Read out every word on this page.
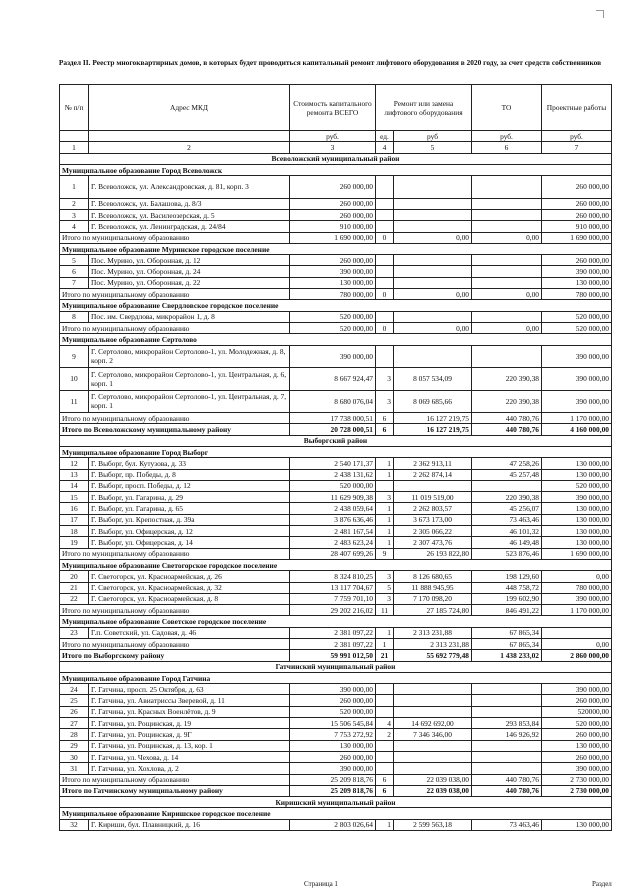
Раздел II. Реестр многоквартирных домов, в которых будет проводиться капитальный ремонт лифтового оборудования в 2020 году, за счет средств собственников
№ п/п	Адрес МКД	Стоимость капитального ремонта ВСЕГО	Ремонт или замена лифтового оборудования		ТО	Проектные работы
		руб.	ед.	руб	руб.	руб.
1	2	3	4	5	6	7
Всеволожский муниципальный район						
Муниципальное образование Город Всеволожск						
1	Г. Всеволожск, ул. Александровская, д. 81, корп. 3	260 000,00				260 000,00
2	Г. Всеволожск, ул. Балашова, д. 8/3	260 000,00				260 000,00
3	Г. Всеволожск, ул. Василеозерская, д. 5	260 000,00				260 000,00
4	Г. Всеволожск, ул. Ленинградская, д. 24/84	910 000,00				910 000,00
Итого по муниципальному образованию		1 690 000,00	0	0,00	0,00	1 690 000,00
Муниципальное образование Муринское городское поселение						
5	Пос. Мурино, ул. Оборонная, д. 12	260 000,00				260 000,00
6	Пос. Мурино, ул. Оборонная, д. 24	390 000,00				390 000,00
7	Пос. Мурино, ул. Оборонная, д. 22	130 000,00				130 000,00
Итого по муниципальному образованию		780 000,00	0	0,00	0,00	780 000,00
Муниципальное образование Свердловское городское поселение						
8	Пос. им. Свердлова, микрорайон 1, д. 8	520 000,00				520 000,00
Итого по муниципальному образованию		520 000,00	0	0,00	0,00	520 000,00
Муниципальное образование Сертолово						
9	Г. Сертолово, микрорайон Сертолово-1, ул. Молодежная, д. 8, корп. 2	390 000,00				390 000,00
10	Г. Сертолово, микрорайон Сертолово-1, ул. Центральная, д. 6, корп. 1	8 667 924,47	3	8 057 534,09	220 390,38	390 000,00
11	Г. Сертолово, микрорайон Сертолово-1, ул. Центральная, д. 7, корп. 1	8 680 076,04	3	8 069 685,66	220 390,38	390 000,00
Итого по муниципальному образованию		17 738 000,51	6	16 127 219,75	440 780,76	1 170 000,00
Итого по Всеволожскому муниципальному району		20 728 000,51	6	16 127 219,75	440 780,76	4 160 000,00
Выборгский район						
Муниципальное образование Город Выборг						
12	Г. Выборг, бул. Кутузова, д. 33	2 540 171,37	1	2 362 913,11	47 258,26	130 000,00
13	Г. Выборг, пр. Победы, д. 8	2 438 131,62	1	2 262 874,14	45 257,48	130 000,00
14	Г. Выборг, просп. Победы, д. 12	520 000,00				520 000,00
15	Г. Выборг, ул. Гагарина, д. 29	11 629 909,38	3	11 019 519,00	220 390,38	390 000,00
16	Г. Выборг, ул. Гагарина, д. 65	2 438 059,64	1	2 262 803,57	45 256,07	130 000,00
17	Г. Выборг, ул. Крепостная, д. 39а	3 876 636,46	1	3 673 173,00	73 463,46	130 000,00
18	Г. Выборг, ул. Офицерская, д. 12	2 481 167,54	1	2 305 066,22	46 101,32	130 000,00
19	Г. Выборг, ул. Офицерская, д. 14	2 483 623,24	1	2 307 473,76	46 149,48	130 000,00
Итого по муниципальному образованию		28 407 699,26	9	26 193 822,80	523 876,46	1 690 000,00
Муниципальное образование Светогорское городское поселение						
20	Г. Светогорск, ул. Красноармейская, д. 26	8 324 810,25	3	8 126 680,65	198 129,60	0,00
21	Г. Светогорск, ул. Красноармейская, д. 32	13 117 704,67	5	11 888 945,95	448 758,72	780 000,00
22	Г. Светогорск, ул. Красноармейская, д. 8	7 759 701,10	3	7 170 098,20	199 602,90	390 000,00
Итого по муниципальному образованию		29 202 216,02	11	27 185 724,80	846 491,22	1 170 000,00
Муниципальное образование Советское городское поселение						
23	Г.п. Советский, ул. Садовая, д. 46	2 381 097,22	1	2 313 231,88	67 865,34	
Итого по муниципальному образованию		2 381 097,22	1	2 313 231,88	67 865,34	0,00
Итого по Выборгскому району		59 991 012,50	21	55 692 779,48	1 438 233,02	2 860 000,00
Гатчинский муниципальный район						
Муниципальное образование Город Гатчина						
24	Г. Гатчина, просп. 25 Октября, д. 63	390 000,00				390 000,00
25	Г. Гатчина, ул. Авиатриссы Зверевой, д. 11	260 000,00				260 000,00
26	Г. Гатчина, ул. Красных Военлётов, д. 9	520 000,00				520000,00
27	Г. Гатчина, ул. Рощинская, д. 19	15 506 545,84	4	14 692 692,00	293 853,84	520 000,00
28	Г. Гатчина, ул. Рощинская, д. 9Г	7 753 272,92	2	7 346 346,00	146 926,92	260 000,00
29	Г. Гатчина, ул. Рощинская, д. 13, кор. 1	130 000,00				130 000,00
30	Г. Гатчина, ул. Чехова, д. 14	260 000,00				260 000,00
31	Г. Гатчина, ул. Хохлова, д. 2	390 000,00				390 000,00
Итого по муниципальному образованию		25 209 818,76	6	22 039 038,00	440 780,76	2 730 000,00
Итого по Гатчинскому муниципальному району		25 209 818,76	6	22 039 038,00	440 780,76	2 730 000,00
Киришский муниципальный район						
Муниципальное образование Киришское городское поселение						
32	Г. Кириши, бул. Плавницкий, д. 16	2 803 026,64	1	2 599 563,18	73 463,46	130 000,00
Страница 1	Раздел
